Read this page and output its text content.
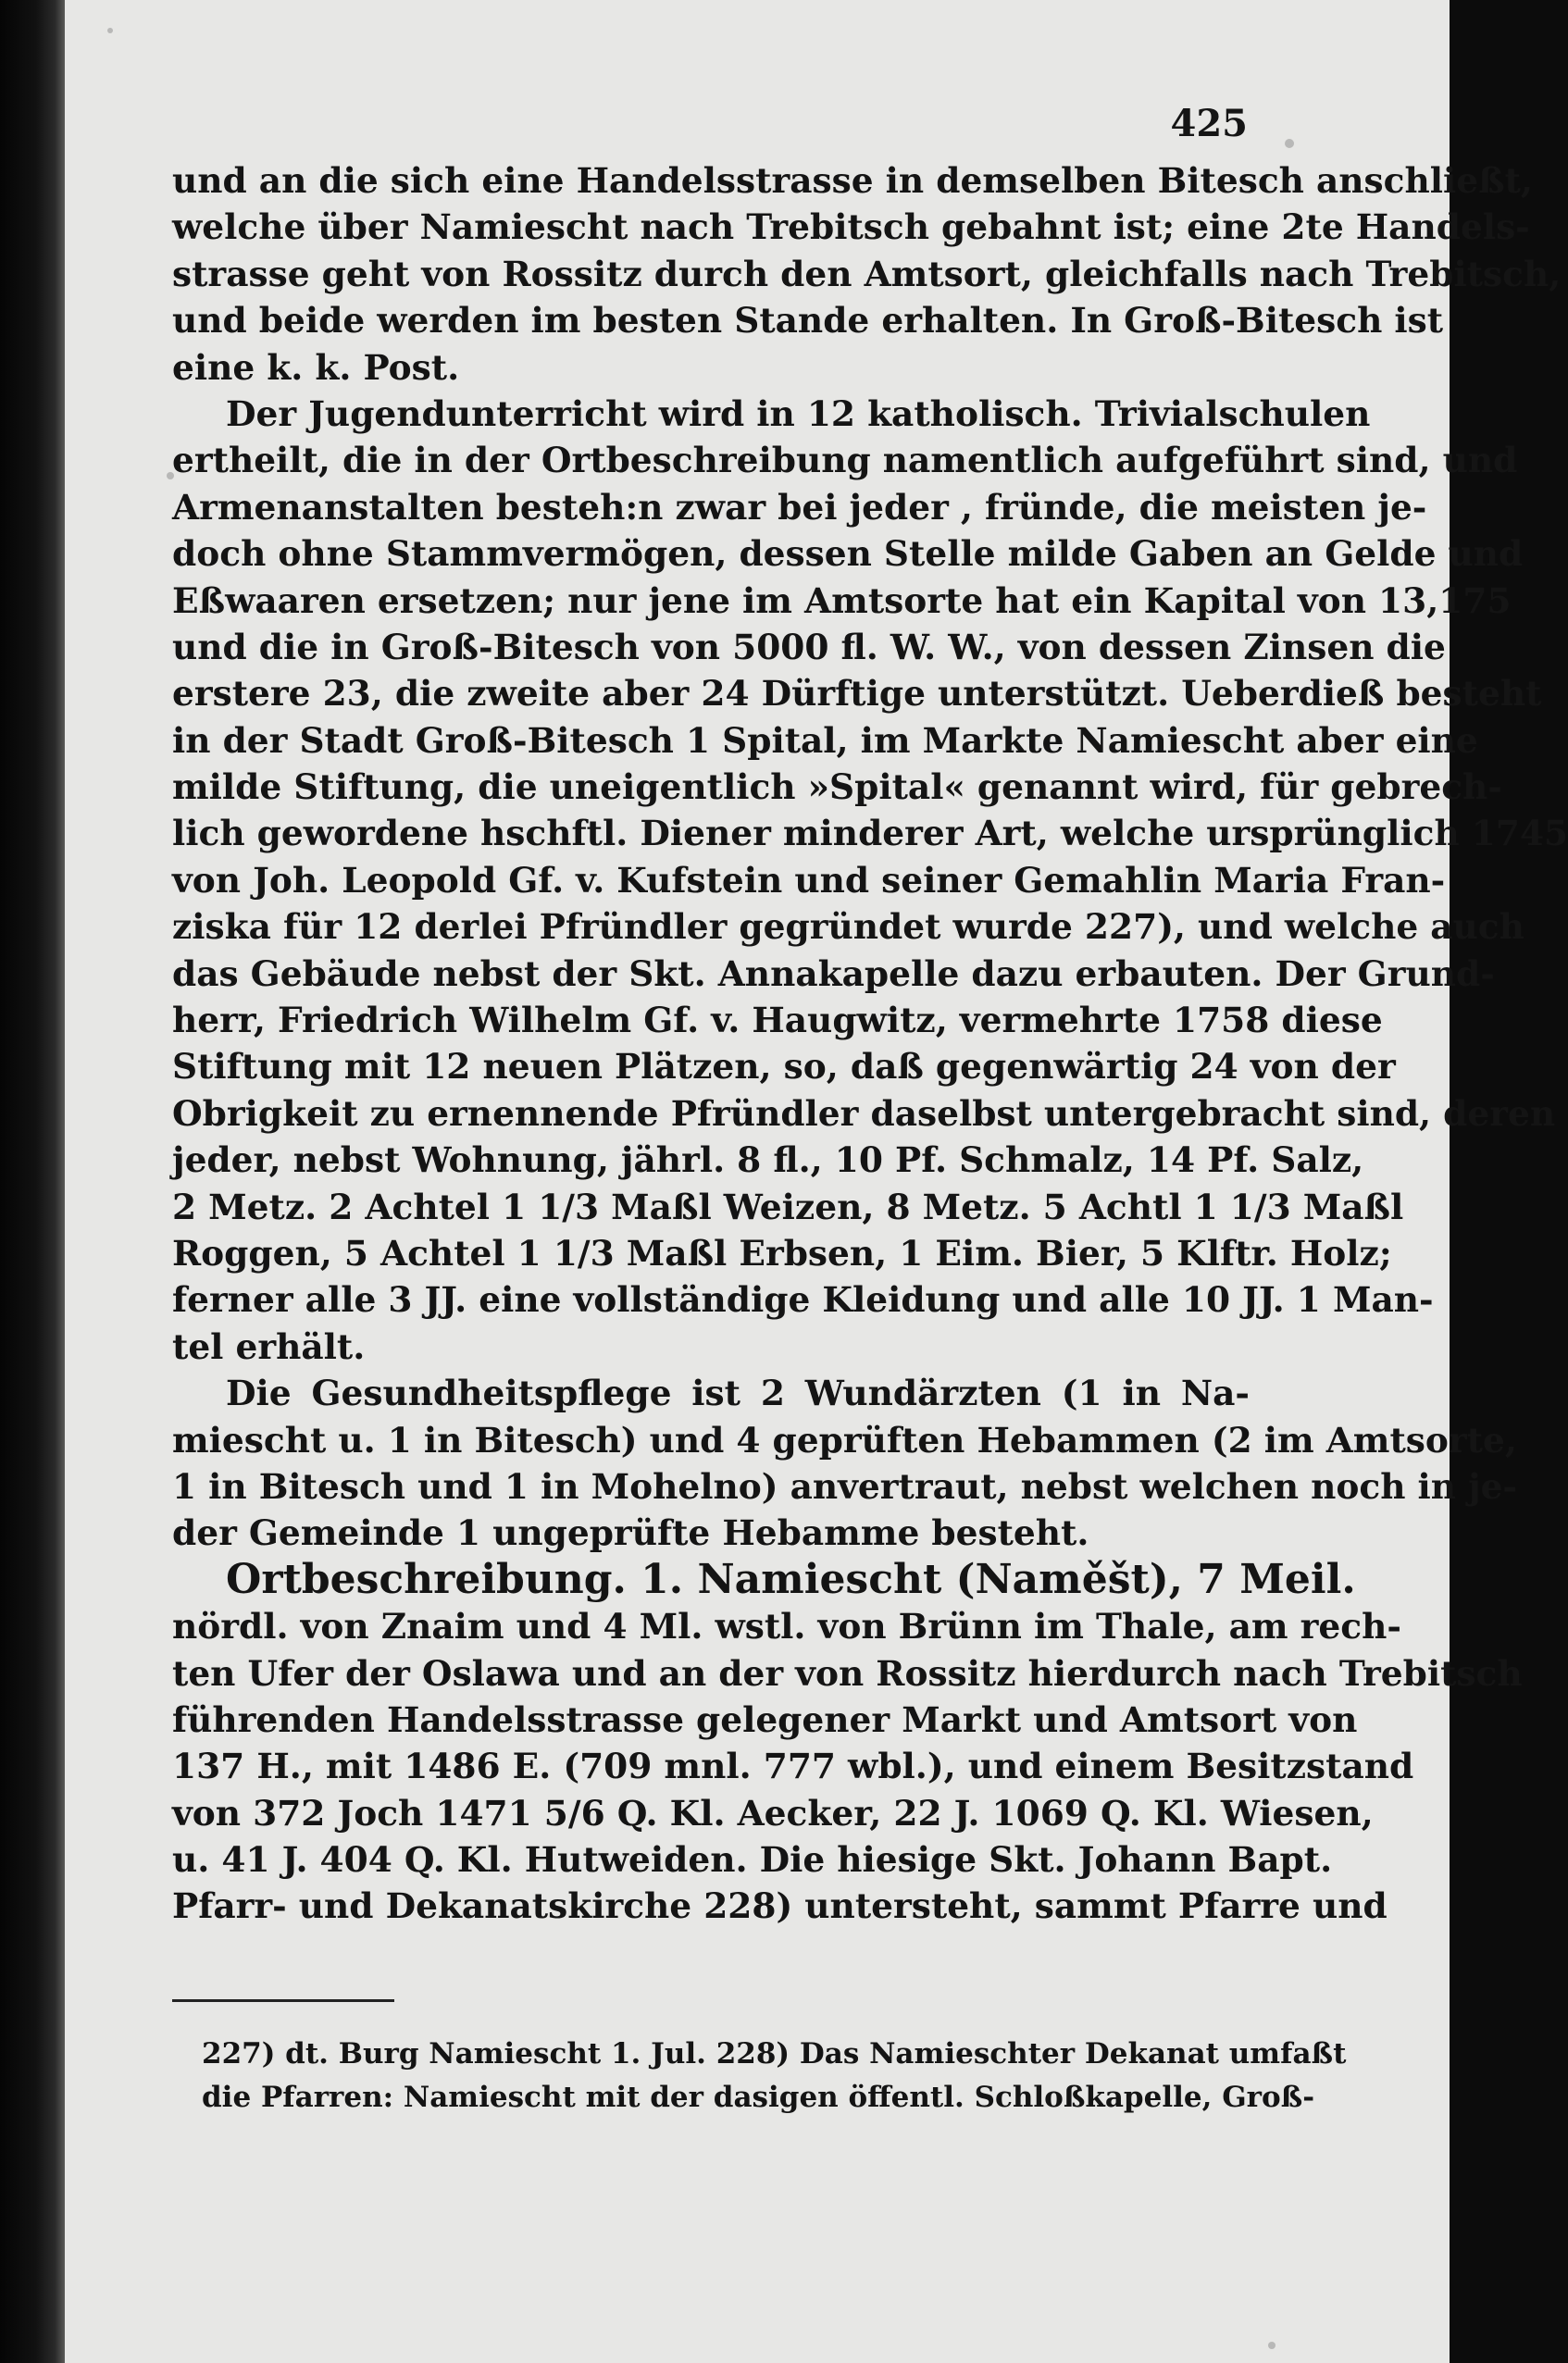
425
und an die sich eine Handelsstrasse in demselben Bitesch anschließt,
welche über Namiescht nach Trebitsch gebahnt ist; eine 2te Handels-
strasse geht von Rossitz durch den Amtsort, gleichfalls nach Trebitsch,
und beide werden im besten Stande erhalten. In Groß-Bitesch ist
eine k. k. Post.
Der Jugendunterricht wird in 12 katholisch. Trivialschulen
ertheilt, die in der Ortbeschreibung namentlich aufgeführt sind, und
Armenanstalten besteh:n zwar bei jeder , fründe, die meisten je-
doch ohne Stammvermögen, dessen Stelle milde Gaben an Gelde und
Eßwaaren ersetzen; nur jene im Amtsorte hat ein Kapital von 13,175
und die in Groß-Bitesch von 5000 fl. W. W., von dessen Zinsen die
erstere 23, die zweite aber 24 Dürftige unterstützt. Ueberdieß besteht
in der Stadt Groß-Bitesch 1 Spital, im Markte Namiescht aber eine
milde Stiftung, die uneigentlich »Spital« genannt wird, für gebrech-
lich gewordene hschftl. Diener minderer Art, welche ursprünglich 1745
von Joh. Leopold Gf. v. Kufstein und seiner Gemahlin Maria Fran-
ziska für 12 derlei Pfründler gegründet wurde 227), und welche auch
das Gebäude nebst der Skt. Annakapelle dazu erbauten. Der Grund-
herr, Friedrich Wilhelm Gf. v. Haugwitz, vermehrte 1758 diese
Stiftung mit 12 neuen Plätzen, so, daß gegenwärtig 24 von der
Obrigkeit zu ernennende Pfründler daselbst untergebracht sind, deren
jeder, nebst Wohnung, jährl. 8 fl., 10 Pf. Schmalz, 14 Pf. Salz,
2 Metz. 2 Achtel 1 1/3 Maßl Weizen, 8 Metz. 5 Achtl 1 1/3 Maßl
Roggen, 5 Achtel 1 1/3 Maßl Erbsen, 1 Eim. Bier, 5 Klftr. Holz;
ferner alle 3 JJ. eine vollständige Kleidung und alle 10 JJ. 1 Man-
tel erhält.
Die Gesundheitspflege ist 2 Wundärzten (1 in Na-
miescht u. 1 in Bitesch) und 4 geprüften Hebammen (2 im Amtsorte,
1 in Bitesch und 1 in Mohelno) anvertraut, nebst welchen noch in je-
der Gemeinde 1 ungeprüfte Hebamme besteht.
Ortbeschreibung. 1. Namiescht (Naměšt), 7 Meil.
nördl. von Znaim und 4 Ml. wstl. von Brünn im Thale, am rech-
ten Ufer der Oslawa und an der von Rossitz hierdurch nach Trebitsch
führenden Handelsstrasse gelegener Markt und Amtsort von
137 H., mit 1486 E. (709 mnl. 777 wbl.), und einem Besitzstand
von 372 Joch 1471 5/6 Q. Kl. Aecker, 22 J. 1069 Q. Kl. Wiesen,
u. 41 J. 404 Q. Kl. Hutweiden. Die hiesige Skt. Johann Bapt.
Pfarr- und Dekanatskirche 228) untersteht, sammt Pfarre und
227) dt. Burg Namiescht 1. Jul. 228) Das Namieschter Dekanat umfaßt
die Pfarren: Namiescht mit der dasigen öffentl. Schloßkapelle, Groß-
